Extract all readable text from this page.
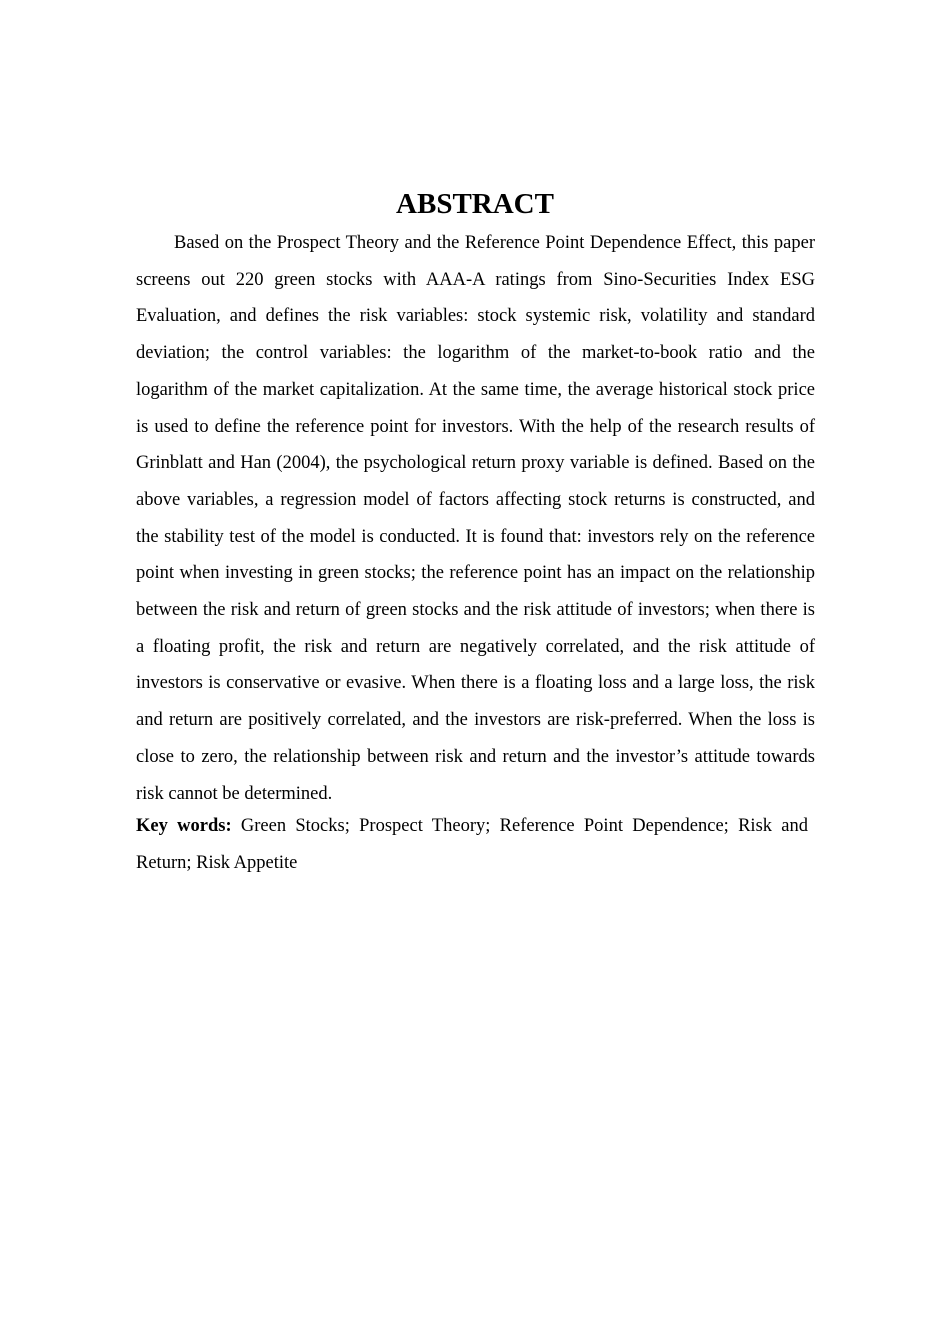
ABSTRACT

Based on the Prospect Theory and the Reference Point Dependence Effect, this paper screens out 220 green stocks with AAA-A ratings from Sino-Securities Index ESG Evaluation, and defines the risk variables: stock systemic risk, volatility and standard deviation; the control variables: the logarithm of the market-to-book ratio and the logarithm of the market capitalization. At the same time, the average historical stock price is used to define the reference point for investors. With the help of the research results of Grinblatt and Han (2004), the psychological return proxy variable is defined. Based on the above variables, a regression model of factors affecting stock returns is constructed, and the stability test of the model is conducted. It is found that: investors rely on the reference point when investing in green stocks; the reference point has an impact on the relationship between the risk and return of green stocks and the risk attitude of investors; when there is a floating profit, the risk and return are negatively correlated, and the risk attitude of investors is conservative or evasive. When there is a floating loss and a large loss, the risk and return are positively correlated, and the investors are risk-preferred. When the loss is close to zero, the relationship between risk and return and the investor’s attitude towards risk cannot be determined.

Key words: Green Stocks; Prospect Theory; Reference Point Dependence; Risk and Return; Risk Appetite
